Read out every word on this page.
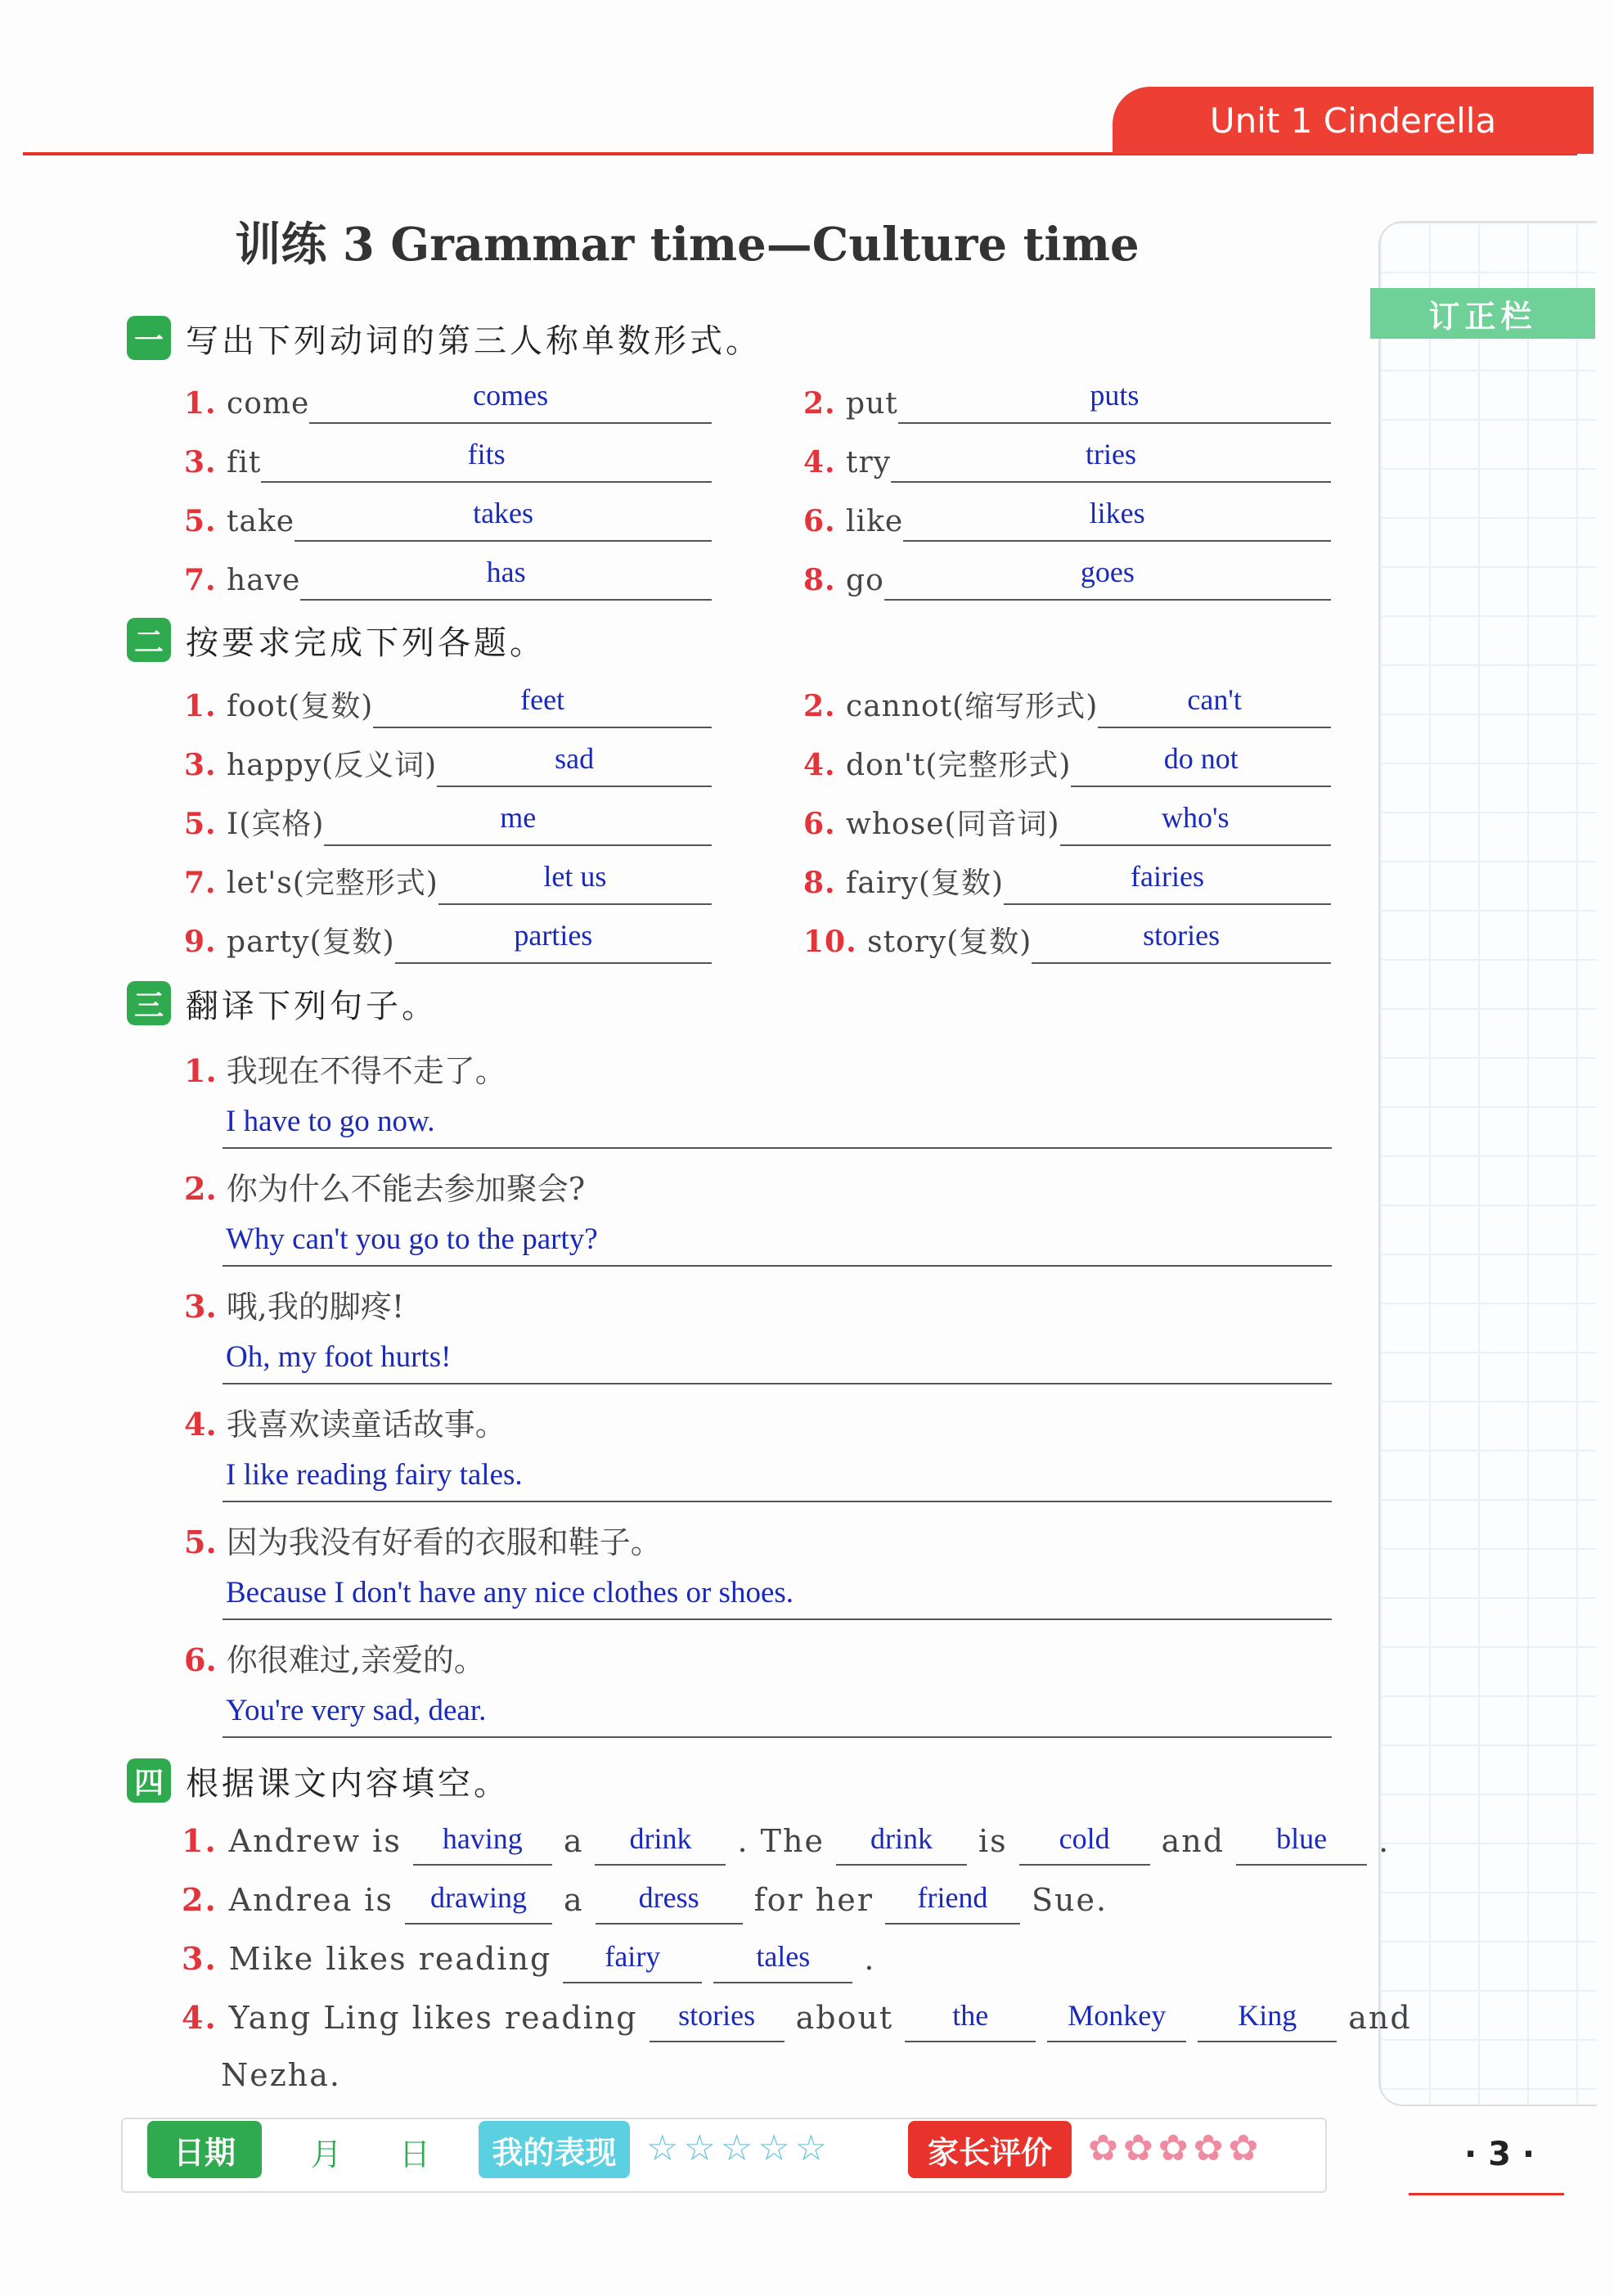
Unit 1 Cinderella
训练 3 Grammar time—Culture time
订正栏
一 写出下列动词的第三人称单数形式。
1. come	comes	2. put	puts
3. fit	fits	4. try	tries
5. take	takes	6. like	likes
7. have	has	8. go	goes
二 按要求完成下列各题。
1. foot(复数)	feet	2. cannot(缩写形式)	can't
3. happy(反义词)	sad	4. don't(完整形式)	do not
5. I(宾格)	me	6. whose(同音词)	who's
7. let's(完整形式)	let us	8. fairy(复数)	fairies
9. party(复数)	parties	10. story(复数)	stories
三 翻译下列句子。
1. 我现在不得不走了。
I have to go now.
2. 你为什么不能去参加聚会?
Why can't you go to the party?
3. 哦,我的脚疼!
Oh, my foot hurts!
4. 我喜欢读童话故事。
I like reading fairy tales.
5. 因为我没有好看的衣服和鞋子。
Because I don't have any nice clothes or shoes.
6. 你很难过,亲爱的。
You're very sad, dear.
四 根据课文内容填空。
1. Andrew is	having	a	drink	. The	drink	is	cold	and	blue	.
2. Andrea is	drawing	a	dress	for her	friend	Sue.
3. Mike likes reading	fairy	tales	.
4. Yang Ling likes reading	stories	about	the	Monkey	King	and
Nezha.
日期	月 日	我的表现 ☆☆☆☆☆	家长评价	✿✿✿✿✿	· 3 ·
